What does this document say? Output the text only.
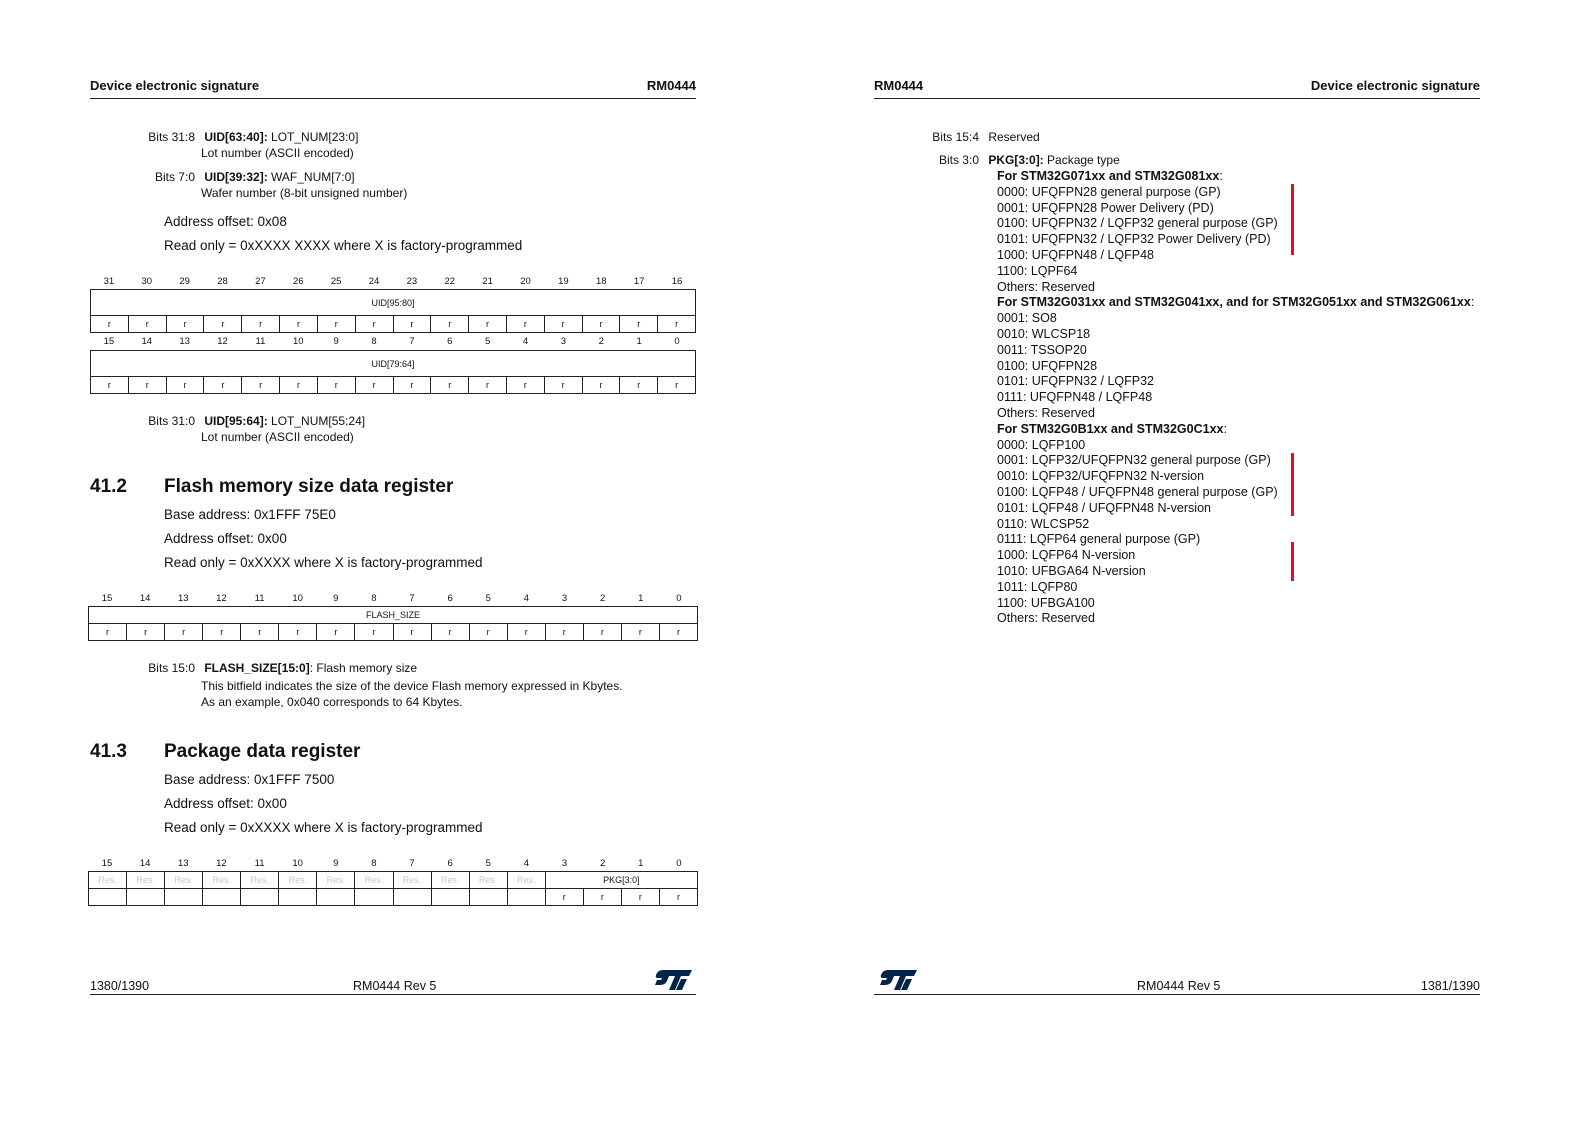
Device electronic signature	RM0444
Bits 31:8 UID[63:40]: LOT_NUM[23:0]
Lot number (ASCII encoded)
Bits 7:0 UID[39:32]: WAF_NUM[7:0]
Wafer number (8-bit unsigned number)
Address offset: 0x08
Read only = 0xXXXX XXXX where X is factory-programmed
31	30	29	28	27	26	25	24	23	22	21	20	19	18	17	16
UID[95:80]
r	r	r	r	r	r	r	r	r	r	r	r	r	r	r	r
15	14	13	12	11	10	9	8	7	6	5	4	3	2	1	0
UID[79:64]
r	r	r	r	r	r	r	r	r	r	r	r	r	r	r	r
Bits 31:0 UID[95:64]: LOT_NUM[55:24]
Lot number (ASCII encoded)
41.2 Flash memory size data register
Base address: 0x1FFF 75E0
Address offset: 0x00
Read only = 0xXXXX where X is factory-programmed
15	14	13	12	11	10	9	8	7	6	5	4	3	2	1	0
FLASH_SIZE
r	r	r	r	r	r	r	r	r	r	r	r	r	r	r	r
Bits 15:0 FLASH_SIZE[15:0]: Flash memory size
This bitfield indicates the size of the device Flash memory expressed in Kbytes.
As an example, 0x040 corresponds to 64 Kbytes.
41.3 Package data register
Base address: 0x1FFF 7500
Address offset: 0x00
Read only = 0xXXXX where X is factory-programmed
15	14	13	12	11	10	9	8	7	6	5	4	3	2	1	0
Res.	Res.	Res.	Res.	Res.	Res.	Res.	Res.	Res.	Res.	Res.	Res.	PKG[3:0]			
												r	r	r	r
1380/1390	RM0444 Rev 5
RM0444	Device electronic signature
Bits 15:4 Reserved
Bits 3:0 PKG[3:0]: Package type
For STM32G071xx and STM32G081xx:
0000: UFQFPN28 general purpose (GP)
0001: UFQFPN28 Power Delivery (PD)
0100: UFQFPN32 / LQFP32 general purpose (GP)
0101: UFQFPN32 / LQFP32 Power Delivery (PD)
1000: UFQFPN48 / LQFP48
1100: LQPF64
Others: Reserved
For STM32G031xx and STM32G041xx, and for STM32G051xx and STM32G061xx:
0001: SO8
0010: WLCSP18
0011: TSSOP20
0100: UFQFPN28
0101: UFQFPN32 / LQFP32
0111: UFQFPN48 / LQFP48
Others: Reserved
For STM32G0B1xx and STM32G0C1xx:
0000: LQFP100
0001: LQFP32/UFQFPN32 general purpose (GP)
0010: LQFP32/UFQFPN32 N-version
0100: LQFP48 / UFQFPN48 general purpose (GP)
0101: LQFP48 / UFQFPN48 N-version
0110: WLCSP52
0111: LQFP64 general purpose (GP)
1000: LQFP64 N-version
1010: UFBGA64 N-version
1011: LQFP80
1100: UFBGA100
Others: Reserved
RM0444 Rev 5	1381/1390
